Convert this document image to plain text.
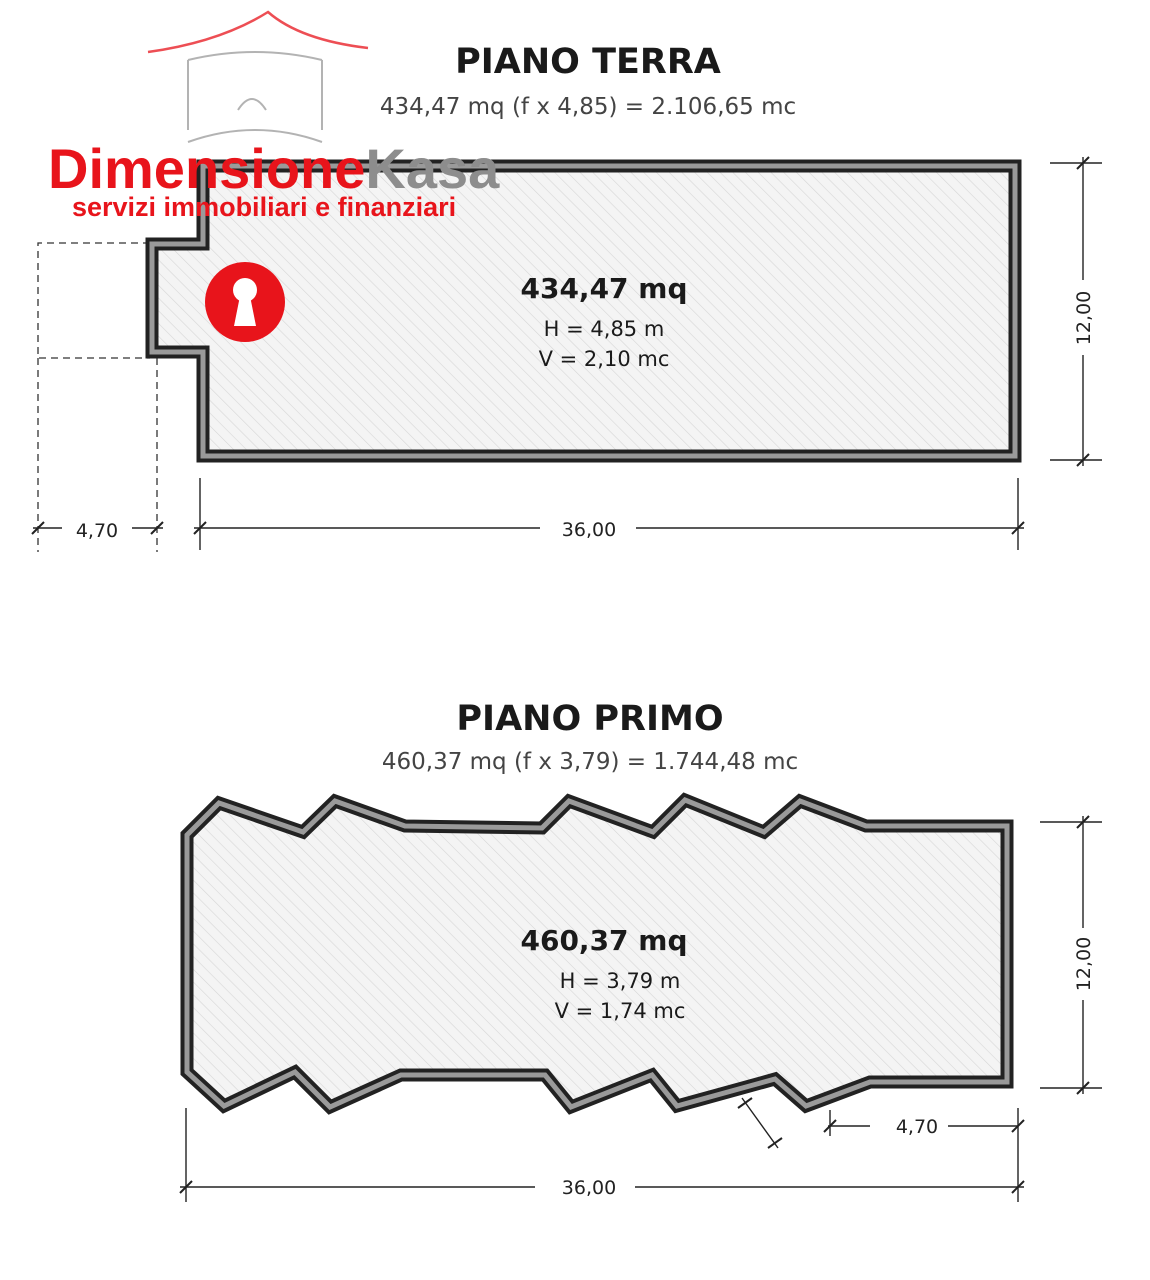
PIANO TERRA
434,47 mq (f x 4,85) = 2.106,65 mc
434,47 mq
H = 4,85 m
V = 2,10 mc
36,00
4,70
12,00
PIANO PRIMO
460,37 mq (f x 3,79) = 1.744,48 mc
460,37 mq
H = 3,79 m
V = 1,74 mc
36,00
4,70
12,00
DimensioneKasa
servizi immobiliari e finanziari
